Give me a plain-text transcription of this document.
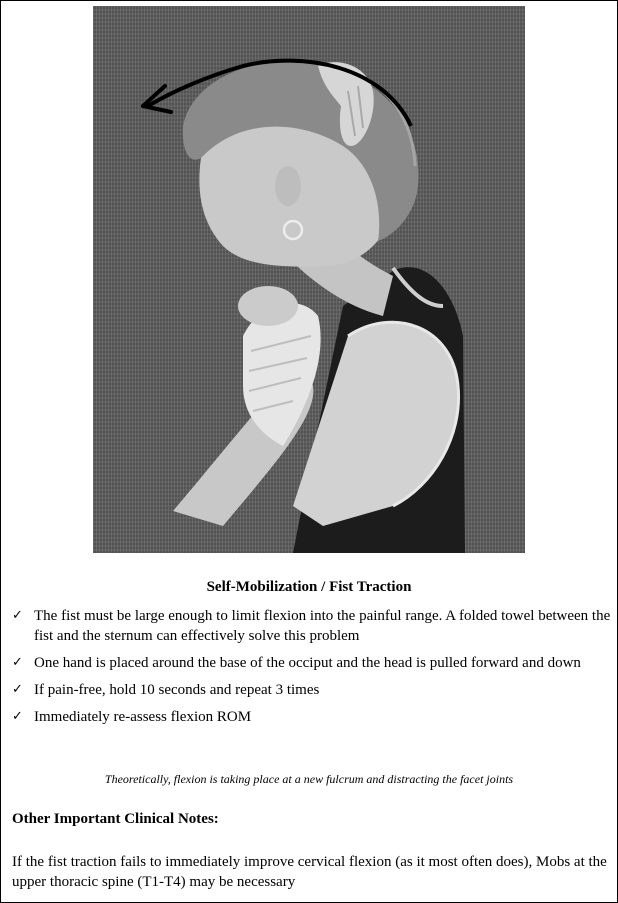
Self-Mobilization / Fist Traction
✓ The fist must be large enough to limit flexion into the painful range. A folded towel between the fist and the sternum can effectively solve this problem
✓ One hand is placed around the base of the occiput and the head is pulled forward and down
✓ If pain-free, hold 10 seconds and repeat 3 times
✓ Immediately re-assess flexion ROM
Theoretically, flexion is taking place at a new fulcrum and distracting the facet joints
Other Important Clinical Notes:
If the fist traction fails to immediately improve cervical flexion (as it most often does), Mobs at the upper thoracic spine (T1-T4) may be necessary
